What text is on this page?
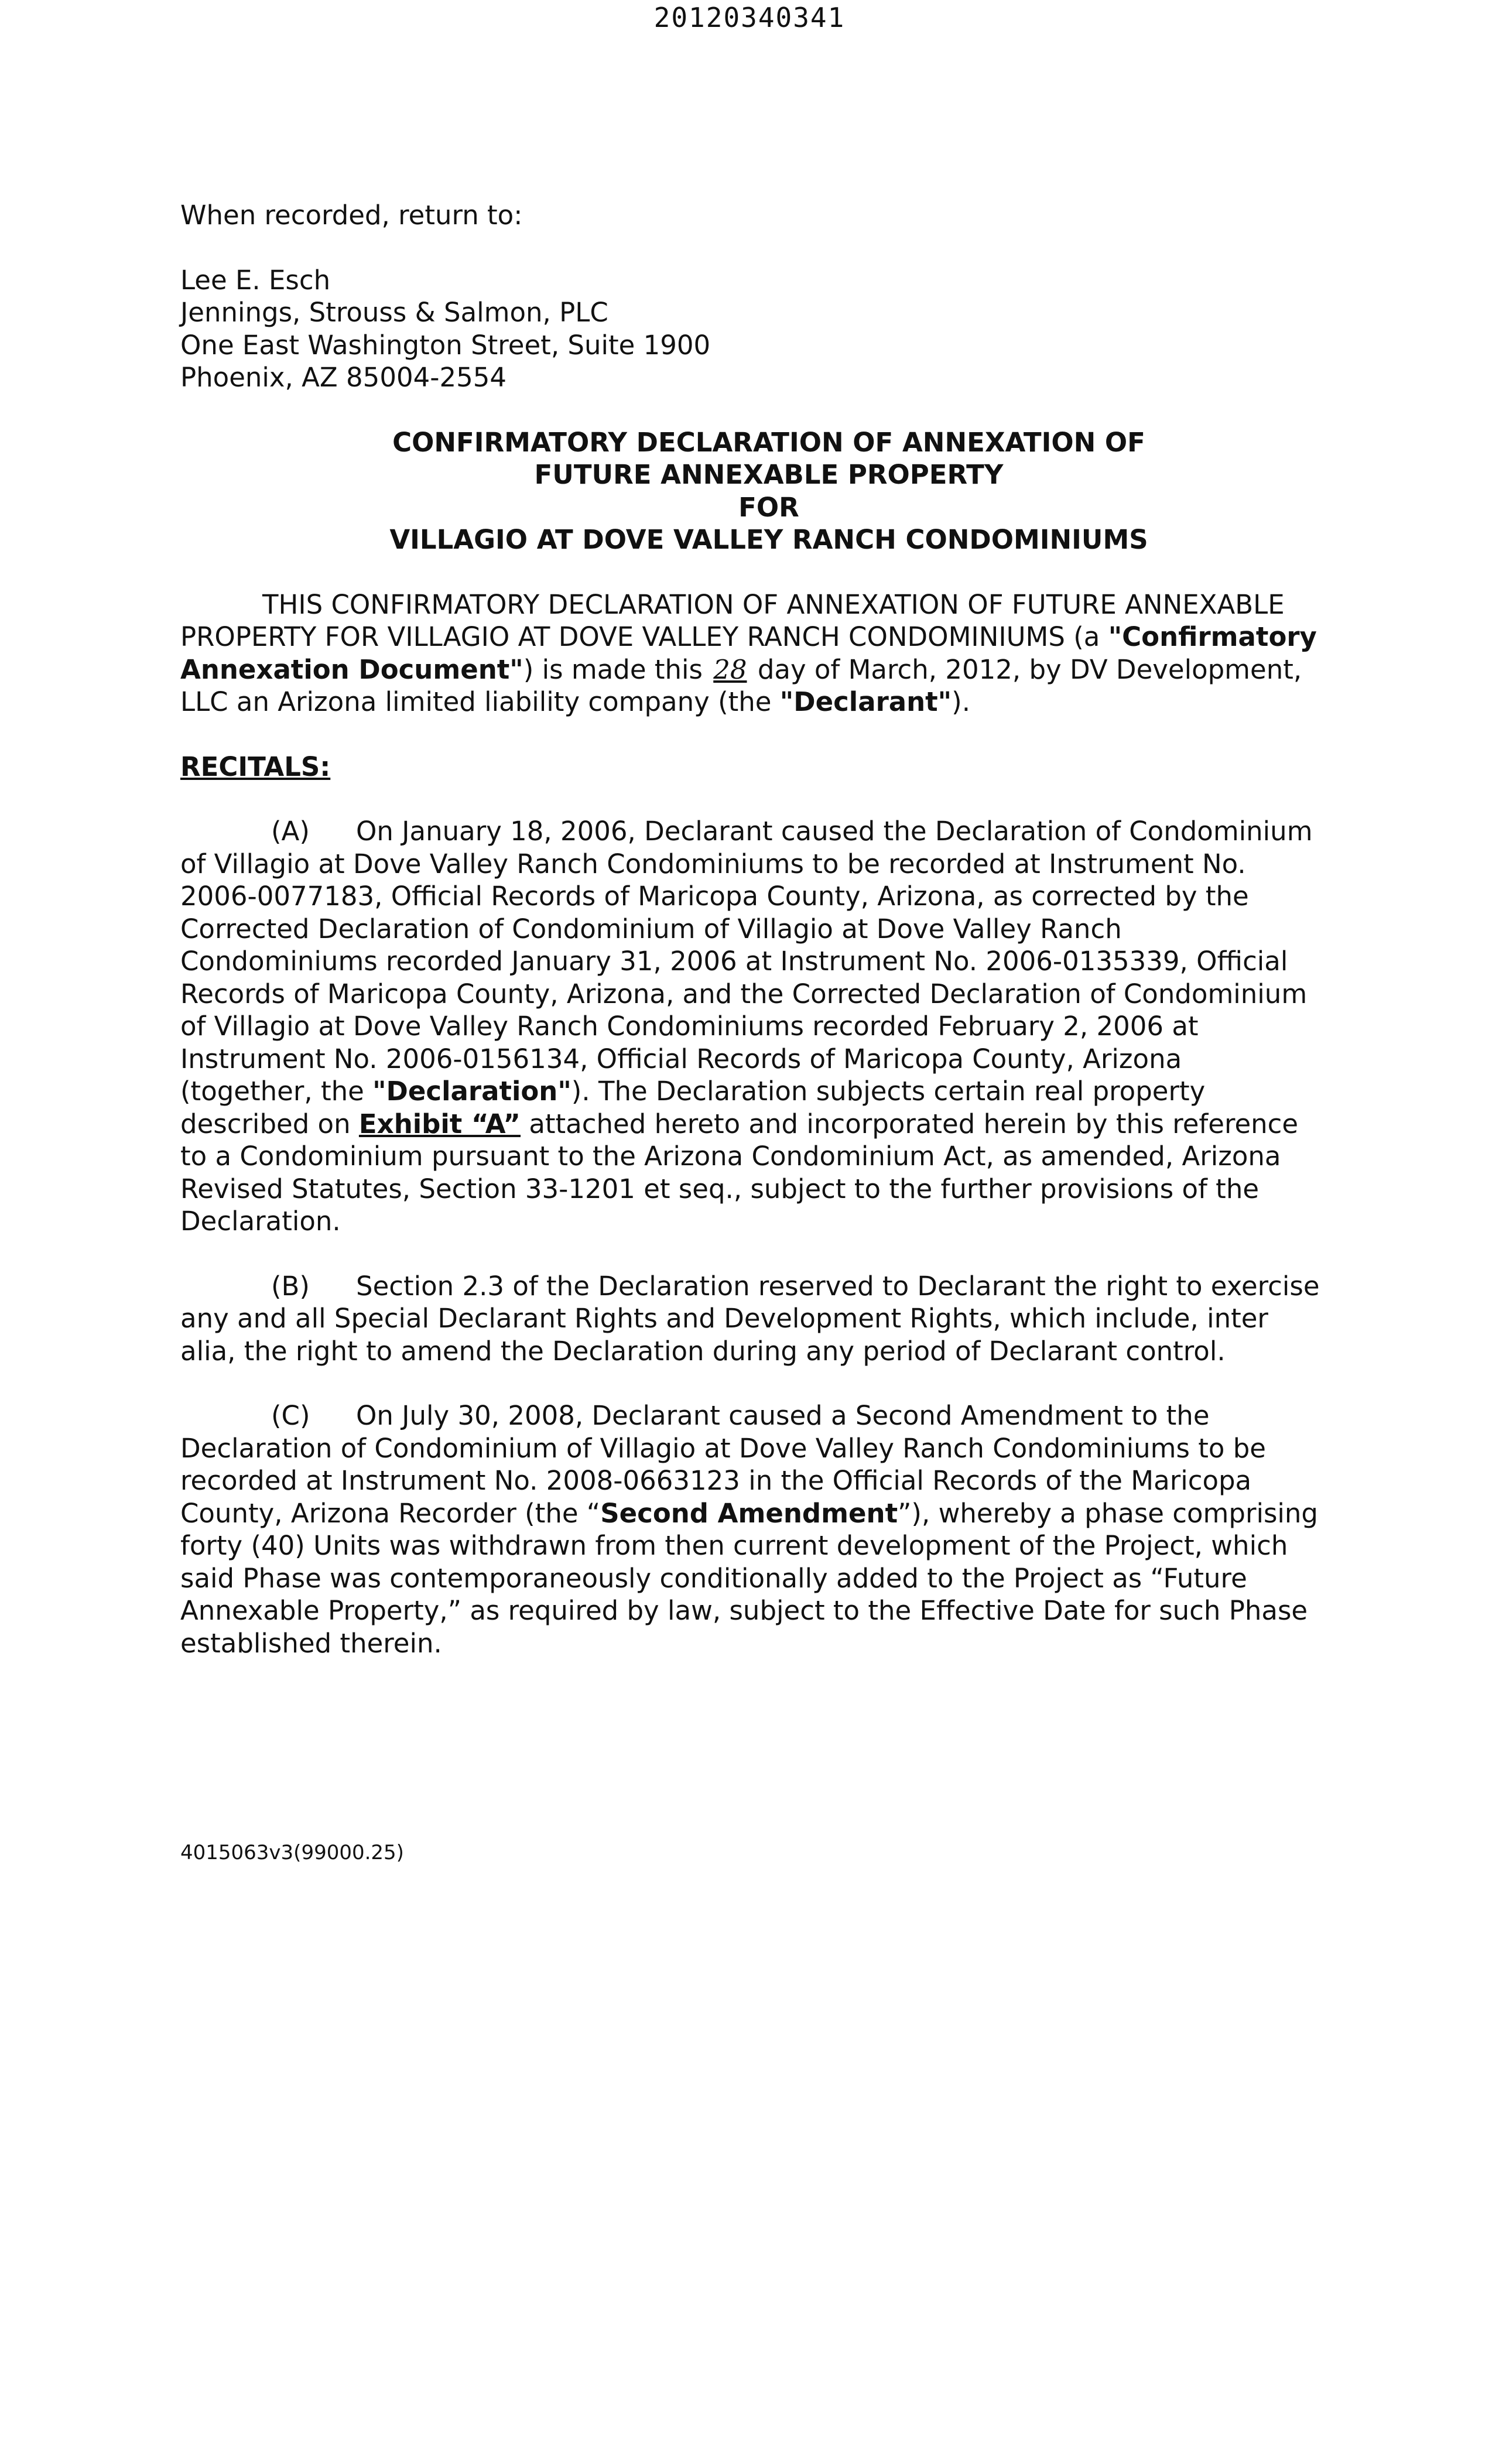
20120340341

When recorded, return to:

Lee E. Esch
Jennings, Strouss & Salmon, PLC
One East Washington Street, Suite 1900
Phoenix, AZ 85004-2554
CONFIRMATORY DECLARATION OF ANNEXATION OF
FUTURE ANNEXABLE PROPERTY
FOR
VILLAGIO AT DOVE VALLEY RANCH CONDOMINIUMS

THIS CONFIRMATORY DECLARATION OF ANNEXATION OF FUTURE ANNEXABLE PROPERTY FOR VILLAGIO AT DOVE VALLEY RANCH CONDOMINIUMS (a "Confirmatory Annexation Document") is made this 28 day of March, 2012, by DV Development, LLC an Arizona limited liability company (the "Declarant").

RECITALS:

(A) On January 18, 2006, Declarant caused the Declaration of Condominium of Villagio at Dove Valley Ranch Condominiums to be recorded at Instrument No. 2006-0077183, Official Records of Maricopa County, Arizona, as corrected by the Corrected Declaration of Condominium of Villagio at Dove Valley Ranch Condominiums recorded January 31, 2006 at Instrument No. 2006-0135339, Official Records of Maricopa County, Arizona, and the Corrected Declaration of Condominium of Villagio at Dove Valley Ranch Condominiums recorded February 2, 2006 at Instrument No. 2006-0156134, Official Records of Maricopa County, Arizona (together, the "Declaration"). The Declaration subjects certain real property described on Exhibit “A” attached hereto and incorporated herein by this reference to a Condominium pursuant to the Arizona Condominium Act, as amended, Arizona Revised Statutes, Section 33-1201 et seq., subject to the further provisions of the Declaration.

(B) Section 2.3 of the Declaration reserved to Declarant the right to exercise any and all Special Declarant Rights and Development Rights, which include, inter alia, the right to amend the Declaration during any period of Declarant control.

(C) On July 30, 2008, Declarant caused a Second Amendment to the Declaration of Condominium of Villagio at Dove Valley Ranch Condominiums to be recorded at Instrument No. 2008-0663123 in the Official Records of the Maricopa County, Arizona Recorder (the “Second Amendment”), whereby a phase comprising forty (40) Units was withdrawn from then current development of the Project, which said Phase was contemporaneously conditionally added to the Project as “Future Annexable Property,” as required by law, subject to the Effective Date for such Phase established therein.

4015063v3(99000.25)
